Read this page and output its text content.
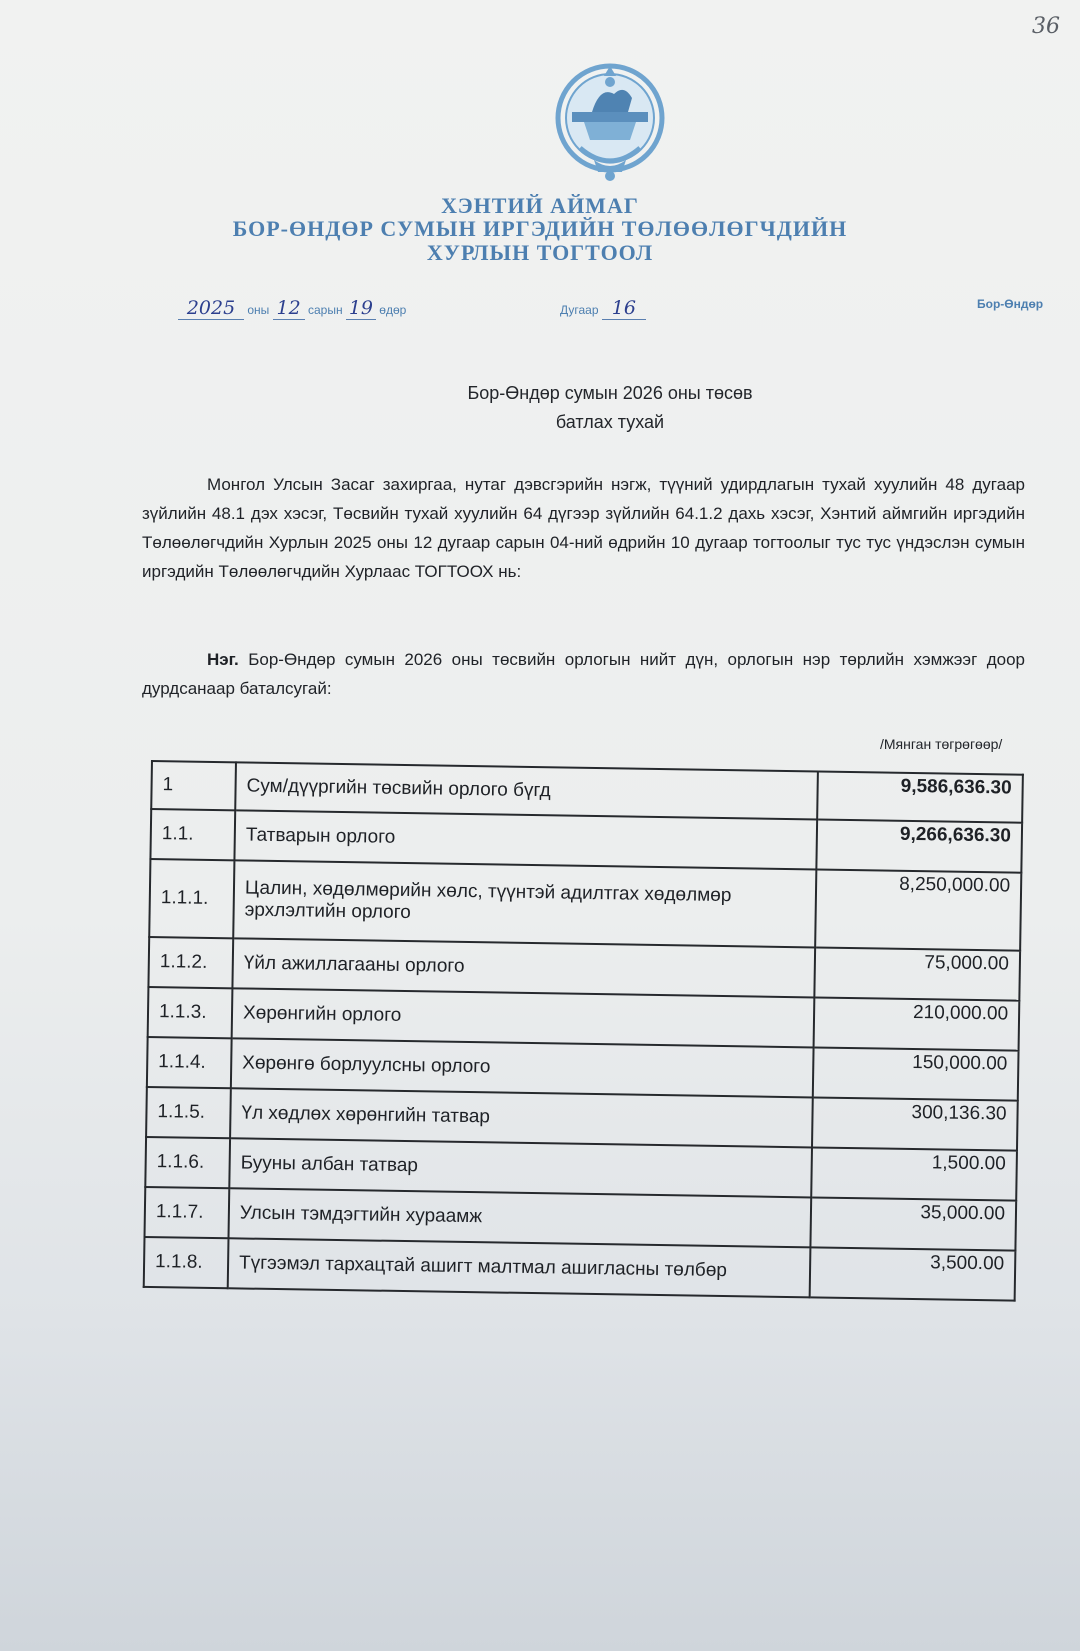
36
ХЭНТИЙ АЙМАГ
БОР-ӨНДӨР СУМЫН ИРГЭДИЙН ТӨЛӨӨЛӨГЧДИЙН
ХУРЛЫН ТОГТООЛ
2025 оны 12 сарын 19 өдөр	Дугаар 16	Бор-Өндөр
Бор-Өндөр сумын 2026 оны төсөв
батлах тухай
Монгол Улсын Засаг захиргаа, нутаг дэвсгэрийн нэгж, түүний удирдлагын тухай хуулийн 48 дугаар зүйлийн 48.1 дэх хэсэг, Төсвийн тухай хуулийн 64 дүгээр зүйлийн 64.1.2 дахь хэсэг, Хэнтий аймгийн иргэдийн Төлөөлөгчдийн Хурлын 2025 оны 12 дугаар сарын 04-ний өдрийн 10 дугаар тогтоолыг тус тус үндэслэн сумын иргэдийн Төлөөлөгчдийн Хурлаас ТОГТООХ нь:
Нэг. Бор-Өндөр сумын 2026 оны төсвийн орлогын нийт дүн, орлогын нэр төрлийн хэмжээг доор дурдсанаар баталсугай:
/Мянган төгрөгөөр/
1	Сум/дүүргийн төсвийн орлого бүгд	9,586,636.30
1.1.	Татварын орлого	9,266,636.30
1.1.1.	Цалин, хөдөлмөрийн хөлс, түүнтэй адилтгах хөдөлмөр эрхлэлтийн орлого	8,250,000.00
1.1.2.	Үйл ажиллагааны орлого	75,000.00
1.1.3.	Хөрөнгийн орлого	210,000.00
1.1.4.	Хөрөнгө борлуулсны орлого	150,000.00
1.1.5.	Үл хөдлөх хөрөнгийн татвар	300,136.30
1.1.6.	Бууны албан татвар	1,500.00
1.1.7.	Улсын тэмдэгтийн хураамж	35,000.00
1.1.8.	Түгээмэл тархацтай ашигт малтмал ашигласны төлбөр	3,500.00
